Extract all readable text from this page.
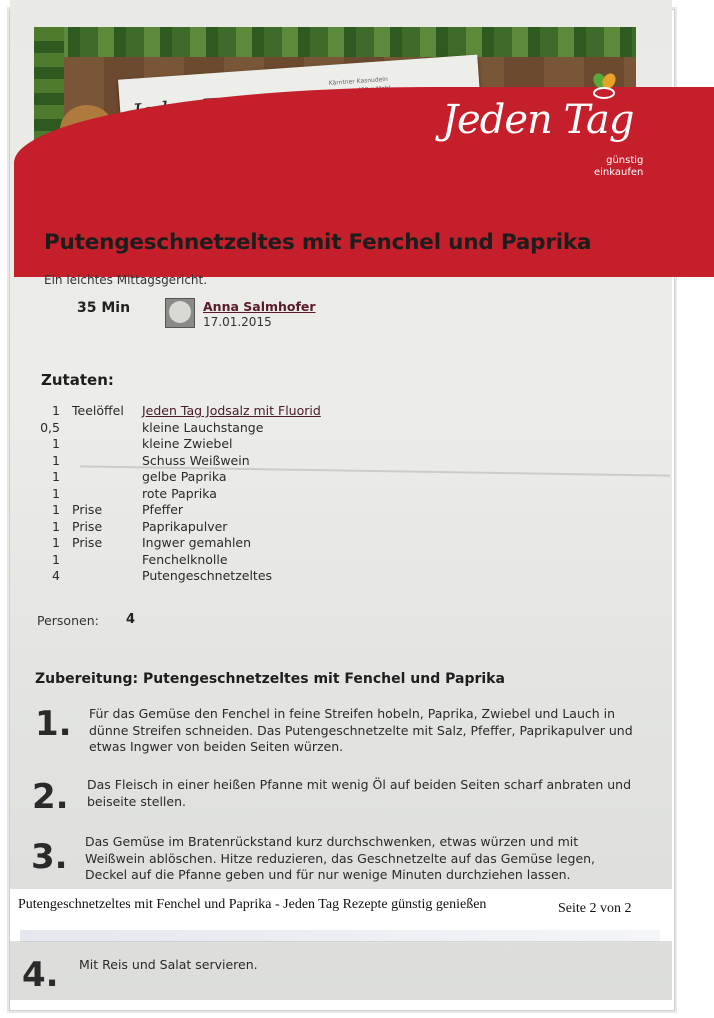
Kärntner Kasnudeln
Jeden Tag
günstig
einkaufen
Putengeschnetzeltes mit Fenchel und Paprika
Ein leichtes Mittagsgericht.
35 Min	Anna Salmhofer
17.01.2015
Zutaten:
1	Teelöffel	Jeden Tag Jodsalz mit Fluorid
0,5		kleine Lauchstange
1		kleine Zwiebel
1		Schuss Weißwein
1		gelbe Paprika
1		rote Paprika
1	Prise	Pfeffer
1	Prise	Paprikapulver
1	Prise	Ingwer gemahlen
1		Fenchelknolle
4		Putengeschnetzeltes
Personen: 4
Zubereitung: Putengeschnetzeltes mit Fenchel und Paprika
1. Für das Gemüse den Fenchel in feine Streifen hobeln, Paprika, Zwiebel und Lauch in
dünne Streifen schneiden. Das Putengeschnetzelte mit Salz, Pfeffer, Paprikapulver und
etwas Ingwer von beiden Seiten würzen.
2. Das Fleisch in einer heißen Pfanne mit wenig Öl auf beiden Seiten scharf anbraten und
beiseite stellen.
3. Das Gemüse im Bratenrückstand kurz durchschwenken, etwas würzen und mit
Weißwein ablöschen. Hitze reduzieren, das Geschnetzelte auf das Gemüse legen,
Deckel auf die Pfanne geben und für nur wenige Minuten durchziehen lassen.
Putengeschnetzeltes mit Fenchel und Paprika - Jeden Tag Rezepte günstig genießen	Seite 2 von 2
4. Mit Reis und Salat servieren.
